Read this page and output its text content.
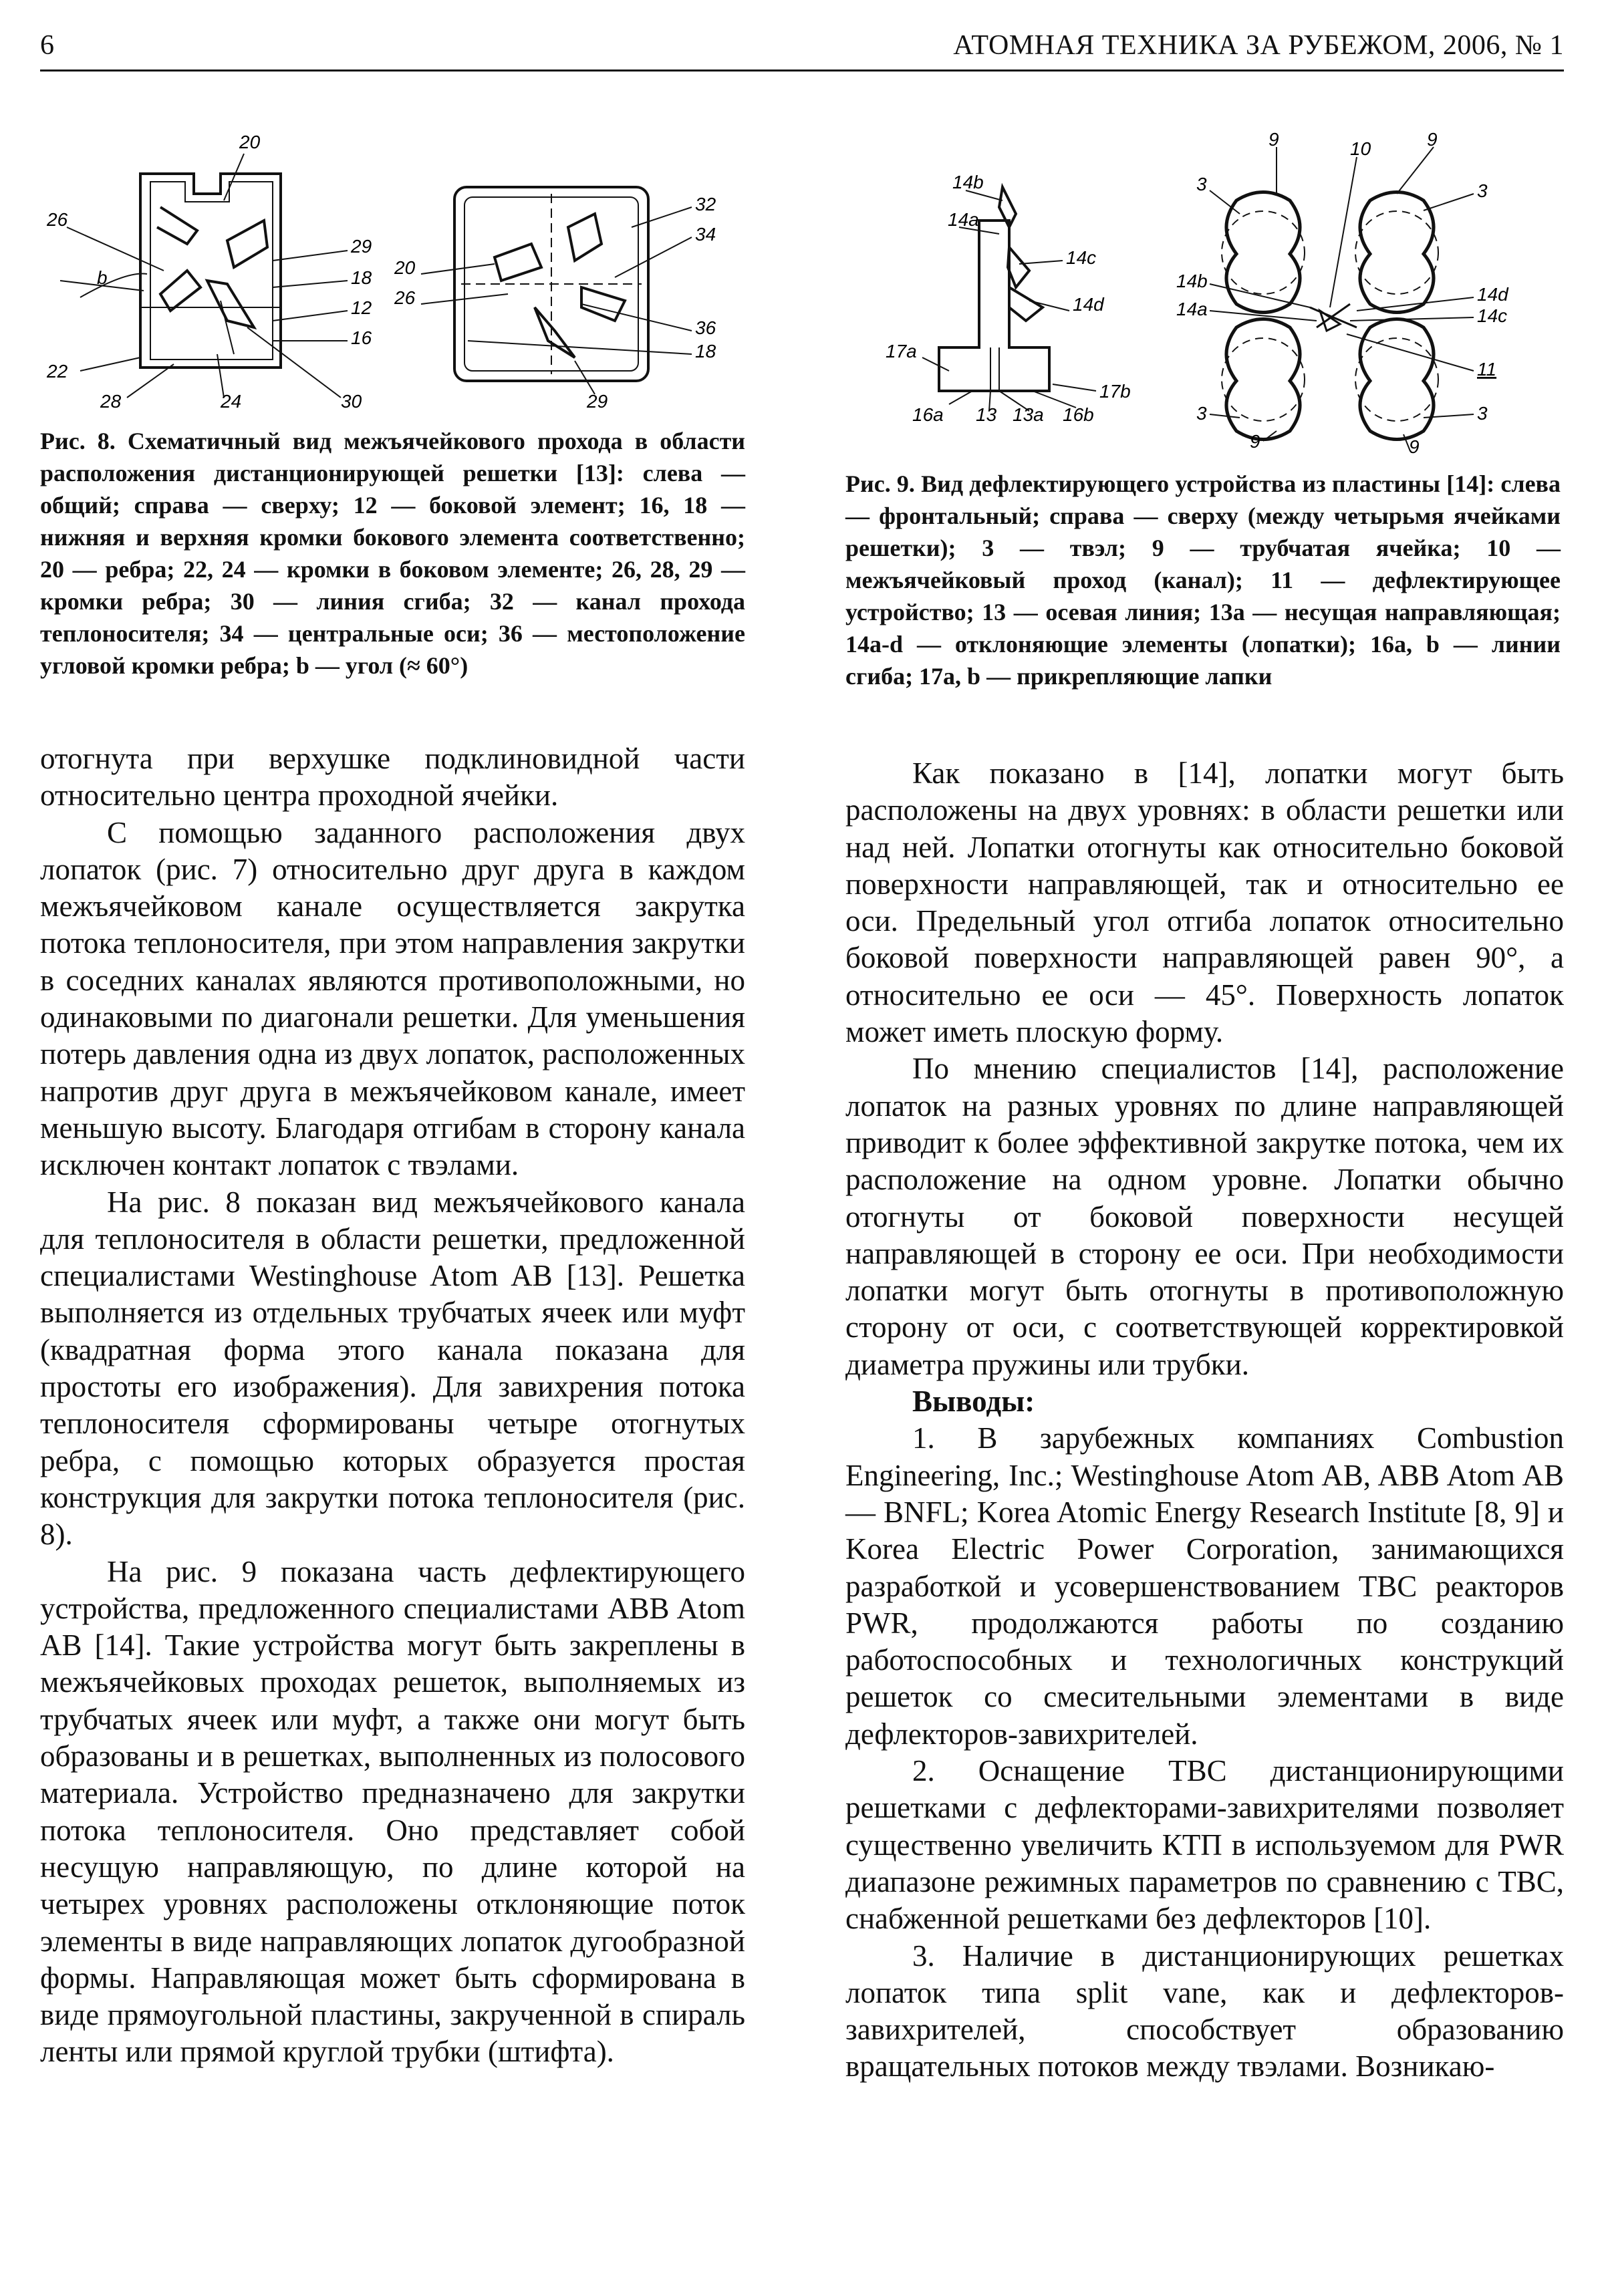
6	АТОМНАЯ ТЕХНИКА ЗА РУБЕЖОМ, 2006, № 1
20
26
b
29
18
12
16
22
28	24	30
32
34
20
26
36
18
29
Рис. 8. Схематичный вид межъячейкового прохода в области расположения дистанционирующей решетки [13]: слева — общий; справа — сверху; 12 — боковой элемент; 16, 18 —нижняя и верхняя кромки бокового элемента соответственно; 20 — ребра; 22, 24 — кромки в боковом элементе; 26, 28, 29 — кромки ребра; 30 — линия сгиба; 32 — канал прохода теплоносителя; 34 — центральные оси; 36 — местоположение угловой кромки ребра; b — угол (≈ 60°)
14b
14a
14c
14d
17a
17b
16a 13 13a 16b
9	10	9
3	3
14b
14a
14d
14c
11
3	3
9	9
Рис. 9. Вид дефлектирующего устройства из пластины [14]: слева — фронтальный; справа — сверху (между четырьмя ячейками решетки); 3 — твэл; 9 — трубчатая ячейка; 10 — межъячейковый проход (канал); 11 — дефлектирующее устройство; 13 — осевая линия; 13а — несущая направляющая; 14a-d — отклоняющие элементы (лопатки); 16а, b — линии сгиба; 17а, b — прикрепляющие лапки

отогнута при верхушке подклиновидной части относительно центра проходной ячейки.

С помощью заданного расположения двух лопаток (рис. 7) относительно друг друга в каждом межъячейковом канале осуществляется закрутка потока теплоносителя, при этом направления закрутки в соседних каналах являются противоположными, но одинаковыми по диагонали решетки. Для уменьшения потерь давления одна из двух лопаток, расположенных напротив друг друга в межъячейковом канале, имеет меньшую высоту. Благодаря отгибам в сторону канала исключен контакт лопаток с твэлами.

На рис. 8 показан вид межъячейкового канала для теплоносителя в области решетки, предложенной специалистами Westinghouse Atom AB [13]. Решетка выполняется из отдельных трубчатых ячеек или муфт (квадратная форма этого канала показана для простоты его изображения). Для завихрения потока теплоносителя сформированы четыре отогнутых ребра, с помощью которых образуется простая конструкция для закрутки потока теплоносителя (рис. 8).

На рис. 9 показана часть дефлектирующего устройства, предложенного специалистами ABB Atom AB [14]. Такие устройства могут быть закреплены в межъячейковых проходах решеток, выполняемых из трубчатых ячеек или муфт, а также они могут быть образованы и в решетках, выполненных из полосового материала. Устройство предназначено для закрутки потока теплоносителя. Оно представляет собой несущую направляющую, по длине которой на четырех уровнях расположены отклоняющие поток элементы в виде направляющих лопаток дугообразной формы. Направляющая может быть сформирована в виде прямоугольной пластины, закрученной в спираль ленты или прямой круглой трубки (штифта).

Как показано в [14], лопатки могут быть расположены на двух уровнях: в области решетки или над ней. Лопатки отогнуты как относительно боковой поверхности направляющей, так и относительно ее оси. Предельный угол отгиба лопаток относительно боковой поверхности направляющей равен 90°, а относительно ее оси — 45°. Поверхность лопаток может иметь плоскую форму.

По мнению специалистов [14], расположение лопаток на разных уровнях по длине направляющей приводит к более эффективной закрутке потока, чем их расположение на одном уровне. Лопатки обычно отогнуты от боковой поверхности несущей направляющей в сторону ее оси. При необходимости лопатки могут быть отогнуты в противоположную сторону от оси, с соответствующей корректировкой диаметра пружины или трубки.

Выводы:

1. В зарубежных компаниях Combustion Engineering, Inc.; Westinghouse Atom AB, ABB Atom AB — BNFL; Korea Atomic Energy Research Institute [8, 9] и Korea Electric Power Corporation, занимающихся разработкой и усовершенствованием ТВС реакторов PWR, продолжаются работы по созданию работоспособных и технологичных конструкций решеток со смесительными элементами в виде дефлекторов-завихрителей.

2. Оснащение ТВС дистанционирующими решетками с дефлекторами-завихрителями позволяет существенно увеличить КТП в используемом для PWR диапазоне режимных параметров по сравнению с ТВС, снабженной решетками без дефлекторов [10].

3. Наличие в дистанционирующих решетках лопаток типа split vane, как и дефлекторов-завихрителей, способствует образованию вращательных потоков между твэлами. Возникаю-
